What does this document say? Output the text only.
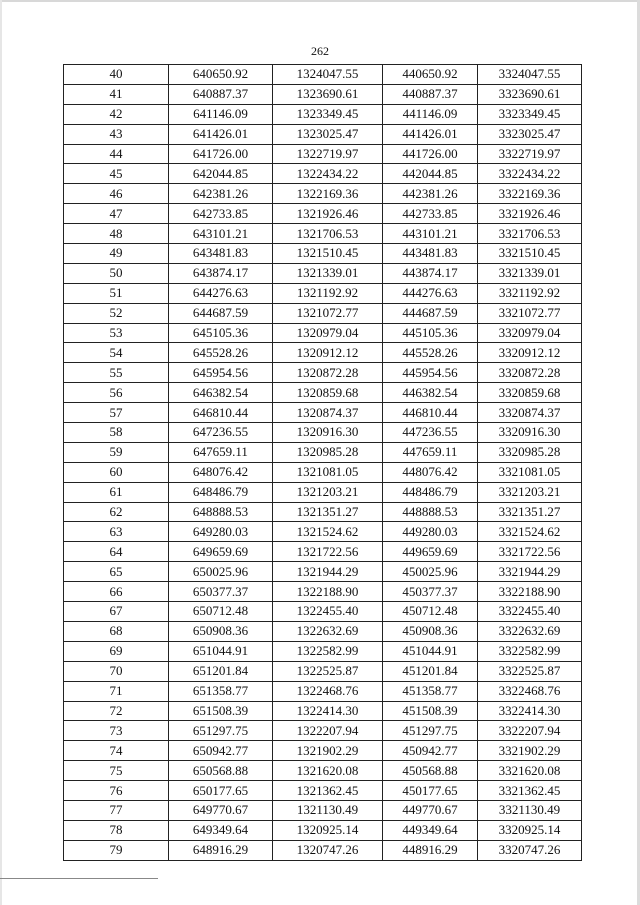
262
40	640650.92	1324047.55	440650.92	3324047.55
41	640887.37	1323690.61	440887.37	3323690.61
42	641146.09	1323349.45	441146.09	3323349.45
43	641426.01	1323025.47	441426.01	3323025.47
44	641726.00	1322719.97	441726.00	3322719.97
45	642044.85	1322434.22	442044.85	3322434.22
46	642381.26	1322169.36	442381.26	3322169.36
47	642733.85	1321926.46	442733.85	3321926.46
48	643101.21	1321706.53	443101.21	3321706.53
49	643481.83	1321510.45	443481.83	3321510.45
50	643874.17	1321339.01	443874.17	3321339.01
51	644276.63	1321192.92	444276.63	3321192.92
52	644687.59	1321072.77	444687.59	3321072.77
53	645105.36	1320979.04	445105.36	3320979.04
54	645528.26	1320912.12	445528.26	3320912.12
55	645954.56	1320872.28	445954.56	3320872.28
56	646382.54	1320859.68	446382.54	3320859.68
57	646810.44	1320874.37	446810.44	3320874.37
58	647236.55	1320916.30	447236.55	3320916.30
59	647659.11	1320985.28	447659.11	3320985.28
60	648076.42	1321081.05	448076.42	3321081.05
61	648486.79	1321203.21	448486.79	3321203.21
62	648888.53	1321351.27	448888.53	3321351.27
63	649280.03	1321524.62	449280.03	3321524.62
64	649659.69	1321722.56	449659.69	3321722.56
65	650025.96	1321944.29	450025.96	3321944.29
66	650377.37	1322188.90	450377.37	3322188.90
67	650712.48	1322455.40	450712.48	3322455.40
68	650908.36	1322632.69	450908.36	3322632.69
69	651044.91	1322582.99	451044.91	3322582.99
70	651201.84	1322525.87	451201.84	3322525.87
71	651358.77	1322468.76	451358.77	3322468.76
72	651508.39	1322414.30	451508.39	3322414.30
73	651297.75	1322207.94	451297.75	3322207.94
74	650942.77	1321902.29	450942.77	3321902.29
75	650568.88	1321620.08	450568.88	3321620.08
76	650177.65	1321362.45	450177.65	3321362.45
77	649770.67	1321130.49	449770.67	3321130.49
78	649349.64	1320925.14	449349.64	3320925.14
79	648916.29	1320747.26	448916.29	3320747.26
